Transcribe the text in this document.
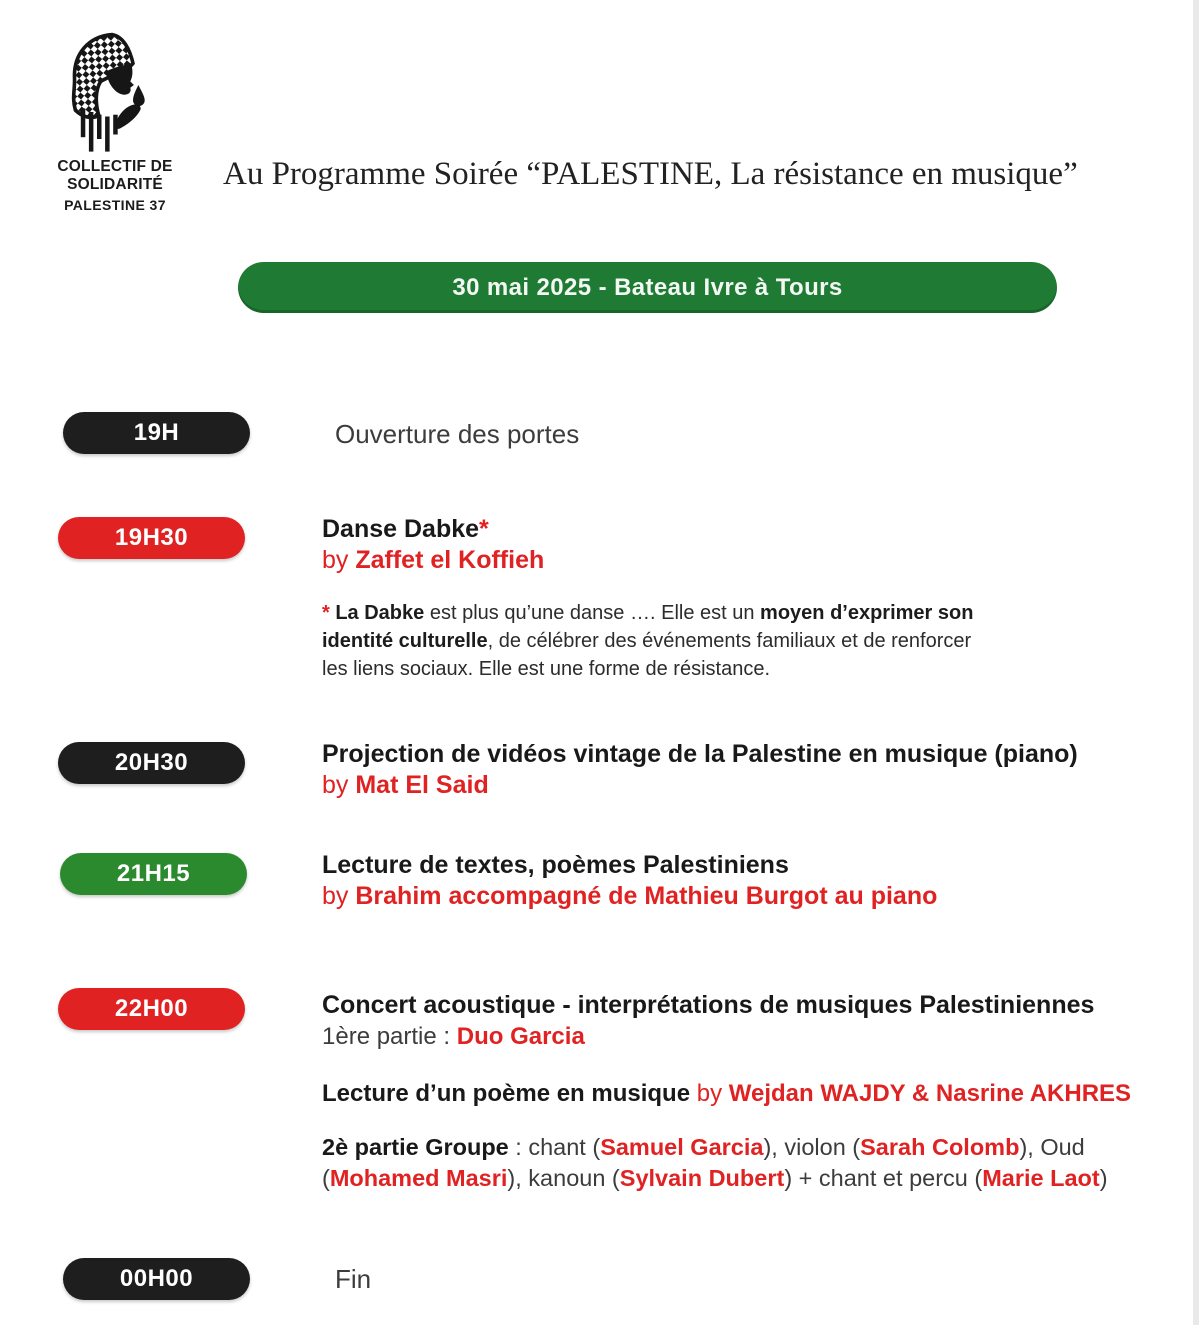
COLLECTIF DE SOLIDARITÉ
PALESTINE 37
Au Programme Soirée “PALESTINE, La résistance en musique”
30 mai 2025 - Bateau Ivre à Tours
19H	Ouverture des portes
19H30	Danse Dabke*
by Zaffet el Koffieh
* La Dabke est plus qu’une danse …. Elle est un moyen d’exprimer son
identité culturelle, de célébrer des événements familiaux et de renforcer
les liens sociaux. Elle est une forme de résistance.
20H30	Projection de vidéos vintage de la Palestine en musique (piano)
by Mat El Said
21H15	Lecture de textes, poèmes Palestiniens
by Brahim accompagné de Mathieu Burgot au piano
22H00	Concert acoustique - interprétations de musiques Palestiniennes
1ère partie : Duo Garcia
Lecture d’un poème en musique by Wejdan WAJDY & Nasrine AKHRES
2è partie Groupe : chant (Samuel Garcia), violon (Sarah Colomb), Oud
(Mohamed Masri), kanoun (Sylvain Dubert) + chant et percu (Marie Laot)
00H00	Fin
